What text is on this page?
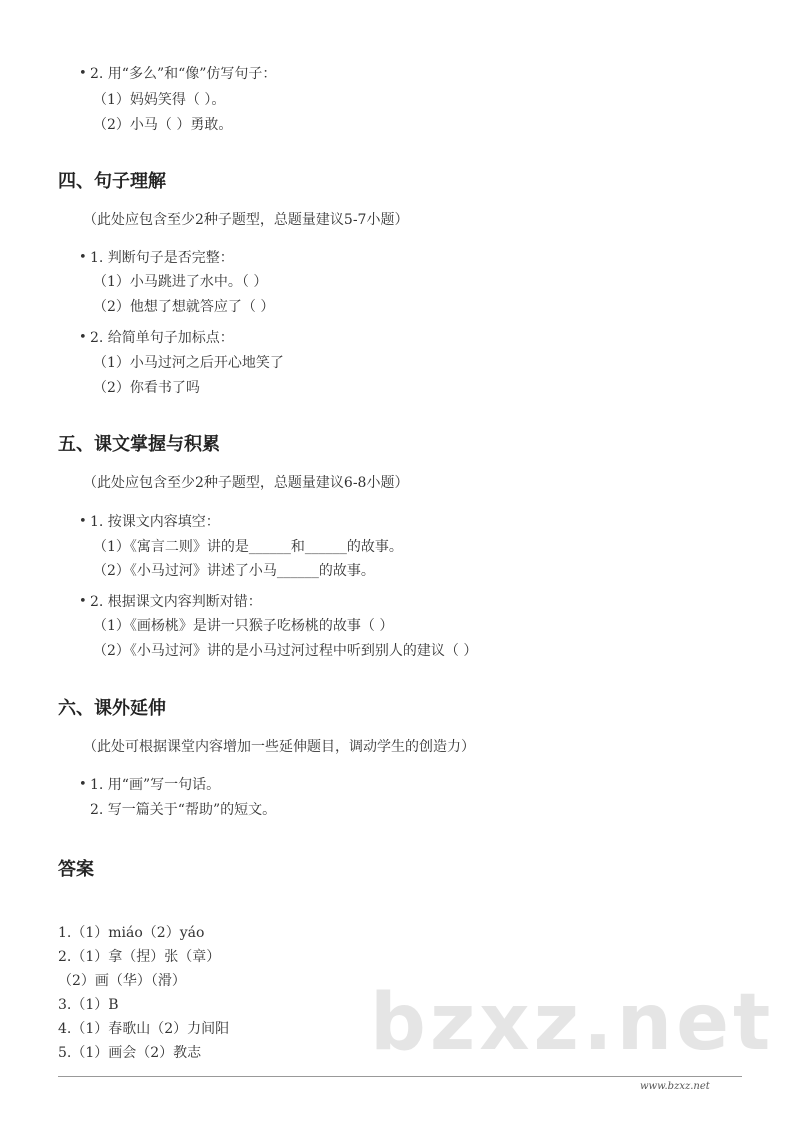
• 2. 用“多么”和“像”仿写句子：
（1）妈妈笑得（ ）。
（2）小马（ ）勇敢。
四、句子理解
（此处应包含至少2种子题型，总题量建议5-7小题）
• 1. 判断句子是否完整：
（1）小马跳进了水中。（ ）
（2）他想了想就答应了（ ）
• 2. 给简单句子加标点：
（1）小马过河之后开心地笑了
（2）你看书了吗
五、课文掌握与积累
（此处应包含至少2种子题型，总题量建议6-8小题）
• 1. 按课文内容填空：
（1）《寓言二则》讲的是______和______的故事。
（2）《小马过河》讲述了小马______的故事。
• 2. 根据课文内容判断对错：
（1）《画杨桃》是讲一只猴子吃杨桃的故事（ ）
（2）《小马过河》讲的是小马过河过程中听到别人的建议（ ）
六、课外延伸
（此处可根据课堂内容增加一些延伸题目，调动学生的创造力）
• 1. 用“画”写一句话。
2. 写一篇关于“帮助”的短文。
答案
1.（1）miáo（2）yáo
2.（1）拿（捏）张（章）
（2）画（华）（滑）
3.（1）B
4.（1）春歌山（2）力间阳
5.（1）画会（2）教志 bzxz.net
www.bzxz.net
